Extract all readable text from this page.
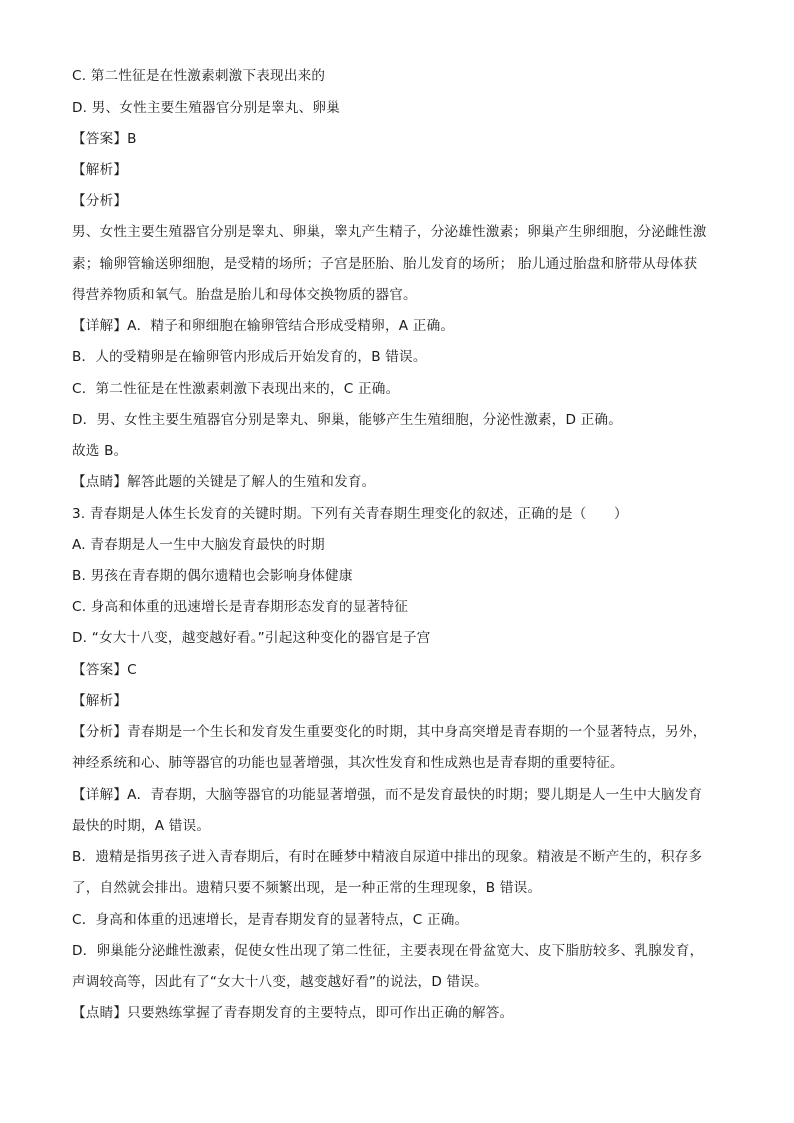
C. 第二性征是在性激素刺激下表现出来的
D. 男、女性主要生殖器官分别是睾丸、卵巢
【答案】B
【解析】
【分析】
男、女性主要生殖器官分别是睾丸、卵巢，睾丸产生精子，分泌雄性激素；卵巢产生卵细胞，分泌雌性激
素；输卵管输送卵细胞，是受精的场所；子宫是胚胎、胎儿发育的场所； 胎儿通过胎盘和脐带从母体获
得营养物质和氧气。胎盘是胎儿和母体交换物质的器官。
【详解】A．精子和卵细胞在输卵管结合形成受精卵，A 正确。
B．人的受精卵是在输卵管内形成后开始发育的，B 错误。
C．第二性征是在性激素刺激下表现出来的，C 正确。
D．男、女性主要生殖器官分别是睾丸、卵巢，能够产生生殖细胞，分泌性激素，D 正确。
故选 B。
【点睛】解答此题的关键是了解人的生殖和发育。
3. 青春期是人体生长发育的关键时期。下列有关青春期生理变化的叙述，正确的是（　　）
A. 青春期是人一生中大脑发育最快的时期
B. 男孩在青春期的偶尔遗精也会影响身体健康
C. 身高和体重的迅速增长是青春期形态发育的显著特征
D. “女大十八变，越变越好看。”引起这种变化的器官是子宫
【答案】C
【解析】
【分析】青春期是一个生长和发育发生重要变化的时期，其中身高突增是青春期的一个显著特点，另外，
神经系统和心、肺等器官的功能也显著增强，其次性发育和性成熟也是青春期的重要特征。
【详解】A．青春期，大脑等器官的功能显著增强，而不是发育最快的时期；婴儿期是人一生中大脑发育
最快的时期，A 错误。
B．遗精是指男孩子进入青春期后，有时在睡梦中精液自尿道中排出的现象。精液是不断产生的，积存多
了，自然就会排出。遗精只要不频繁出现，是一种正常的生理现象，B 错误。
C．身高和体重的迅速增长，是青春期发育的显著特点，C 正确。
D．卵巢能分泌雌性激素，促使女性出现了第二性征，主要表现在骨盆宽大、皮下脂肪较多、乳腺发育，
声调较高等，因此有了“女大十八变，越变越好看”的说法，D 错误。
【点睛】只要熟练掌握了青春期发育的主要特点，即可作出正确的解答。
